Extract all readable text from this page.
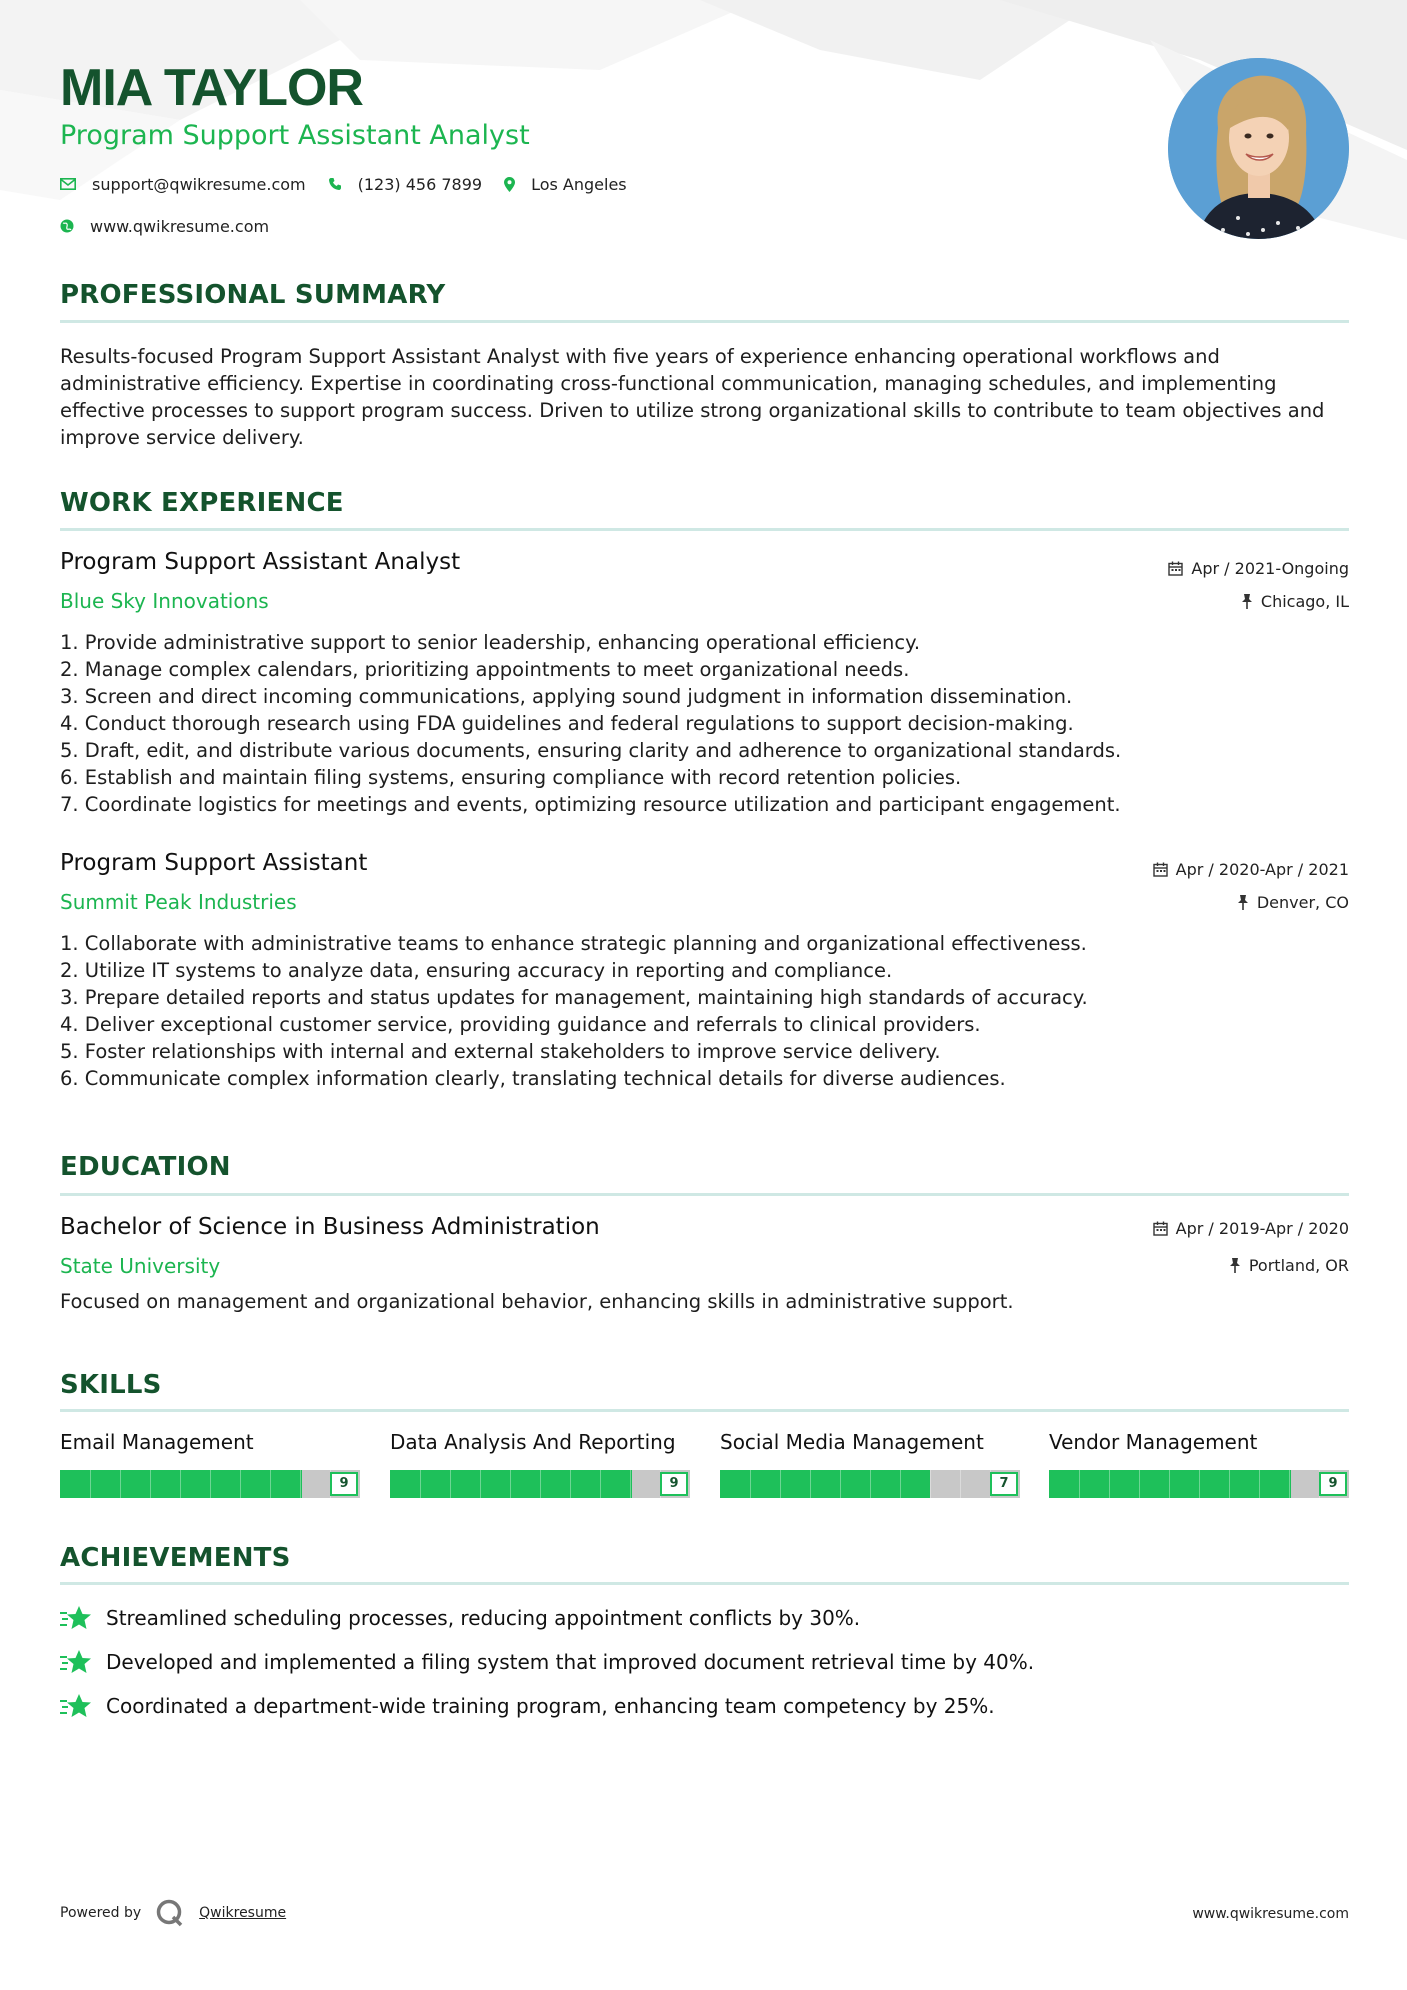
MIA TAYLOR
Program Support Assistant Analyst
support@qwikresume.com	(123) 456 7899	Los Angeles
www.qwikresume.com
PROFESSIONAL SUMMARY
Results-focused Program Support Assistant Analyst with five years of experience enhancing operational workflows and administrative efficiency. Expertise in coordinating cross-functional communication, managing schedules, and implementing effective processes to support program success. Driven to utilize strong organizational skills to contribute to team objectives and improve service delivery.
WORK EXPERIENCE
Program Support Assistant Analyst
Blue Sky Innovations
Apr / 2021-Ongoing
Chicago, IL
1. Provide administrative support to senior leadership, enhancing operational efficiency.
2. Manage complex calendars, prioritizing appointments to meet organizational needs.
3. Screen and direct incoming communications, applying sound judgment in information dissemination.
4. Conduct thorough research using FDA guidelines and federal regulations to support decision-making.
5. Draft, edit, and distribute various documents, ensuring clarity and adherence to organizational standards.
6. Establish and maintain filing systems, ensuring compliance with record retention policies.
7. Coordinate logistics for meetings and events, optimizing resource utilization and participant engagement.
Program Support Assistant
Summit Peak Industries
Apr / 2020-Apr / 2021
Denver, CO
1. Collaborate with administrative teams to enhance strategic planning and organizational effectiveness.
2. Utilize IT systems to analyze data, ensuring accuracy in reporting and compliance.
3. Prepare detailed reports and status updates for management, maintaining high standards of accuracy.
4. Deliver exceptional customer service, providing guidance and referrals to clinical providers.
5. Foster relationships with internal and external stakeholders to improve service delivery.
6. Communicate complex information clearly, translating technical details for diverse audiences.
EDUCATION
Bachelor of Science in Business Administration
State University
Apr / 2019-Apr / 2020
Portland, OR
Focused on management and organizational behavior, enhancing skills in administrative support.
SKILLS
Email Management
9
Data Analysis And Reporting
9
Social Media Management
7
Vendor Management
9
ACHIEVEMENTS
Streamlined scheduling processes, reducing appointment conflicts by 30%.
Developed and implemented a filing system that improved document retrieval time by 40%.
Coordinated a department-wide training program, enhancing team competency by 25%.
Powered by	Qwikresume	www.qwikresume.com
